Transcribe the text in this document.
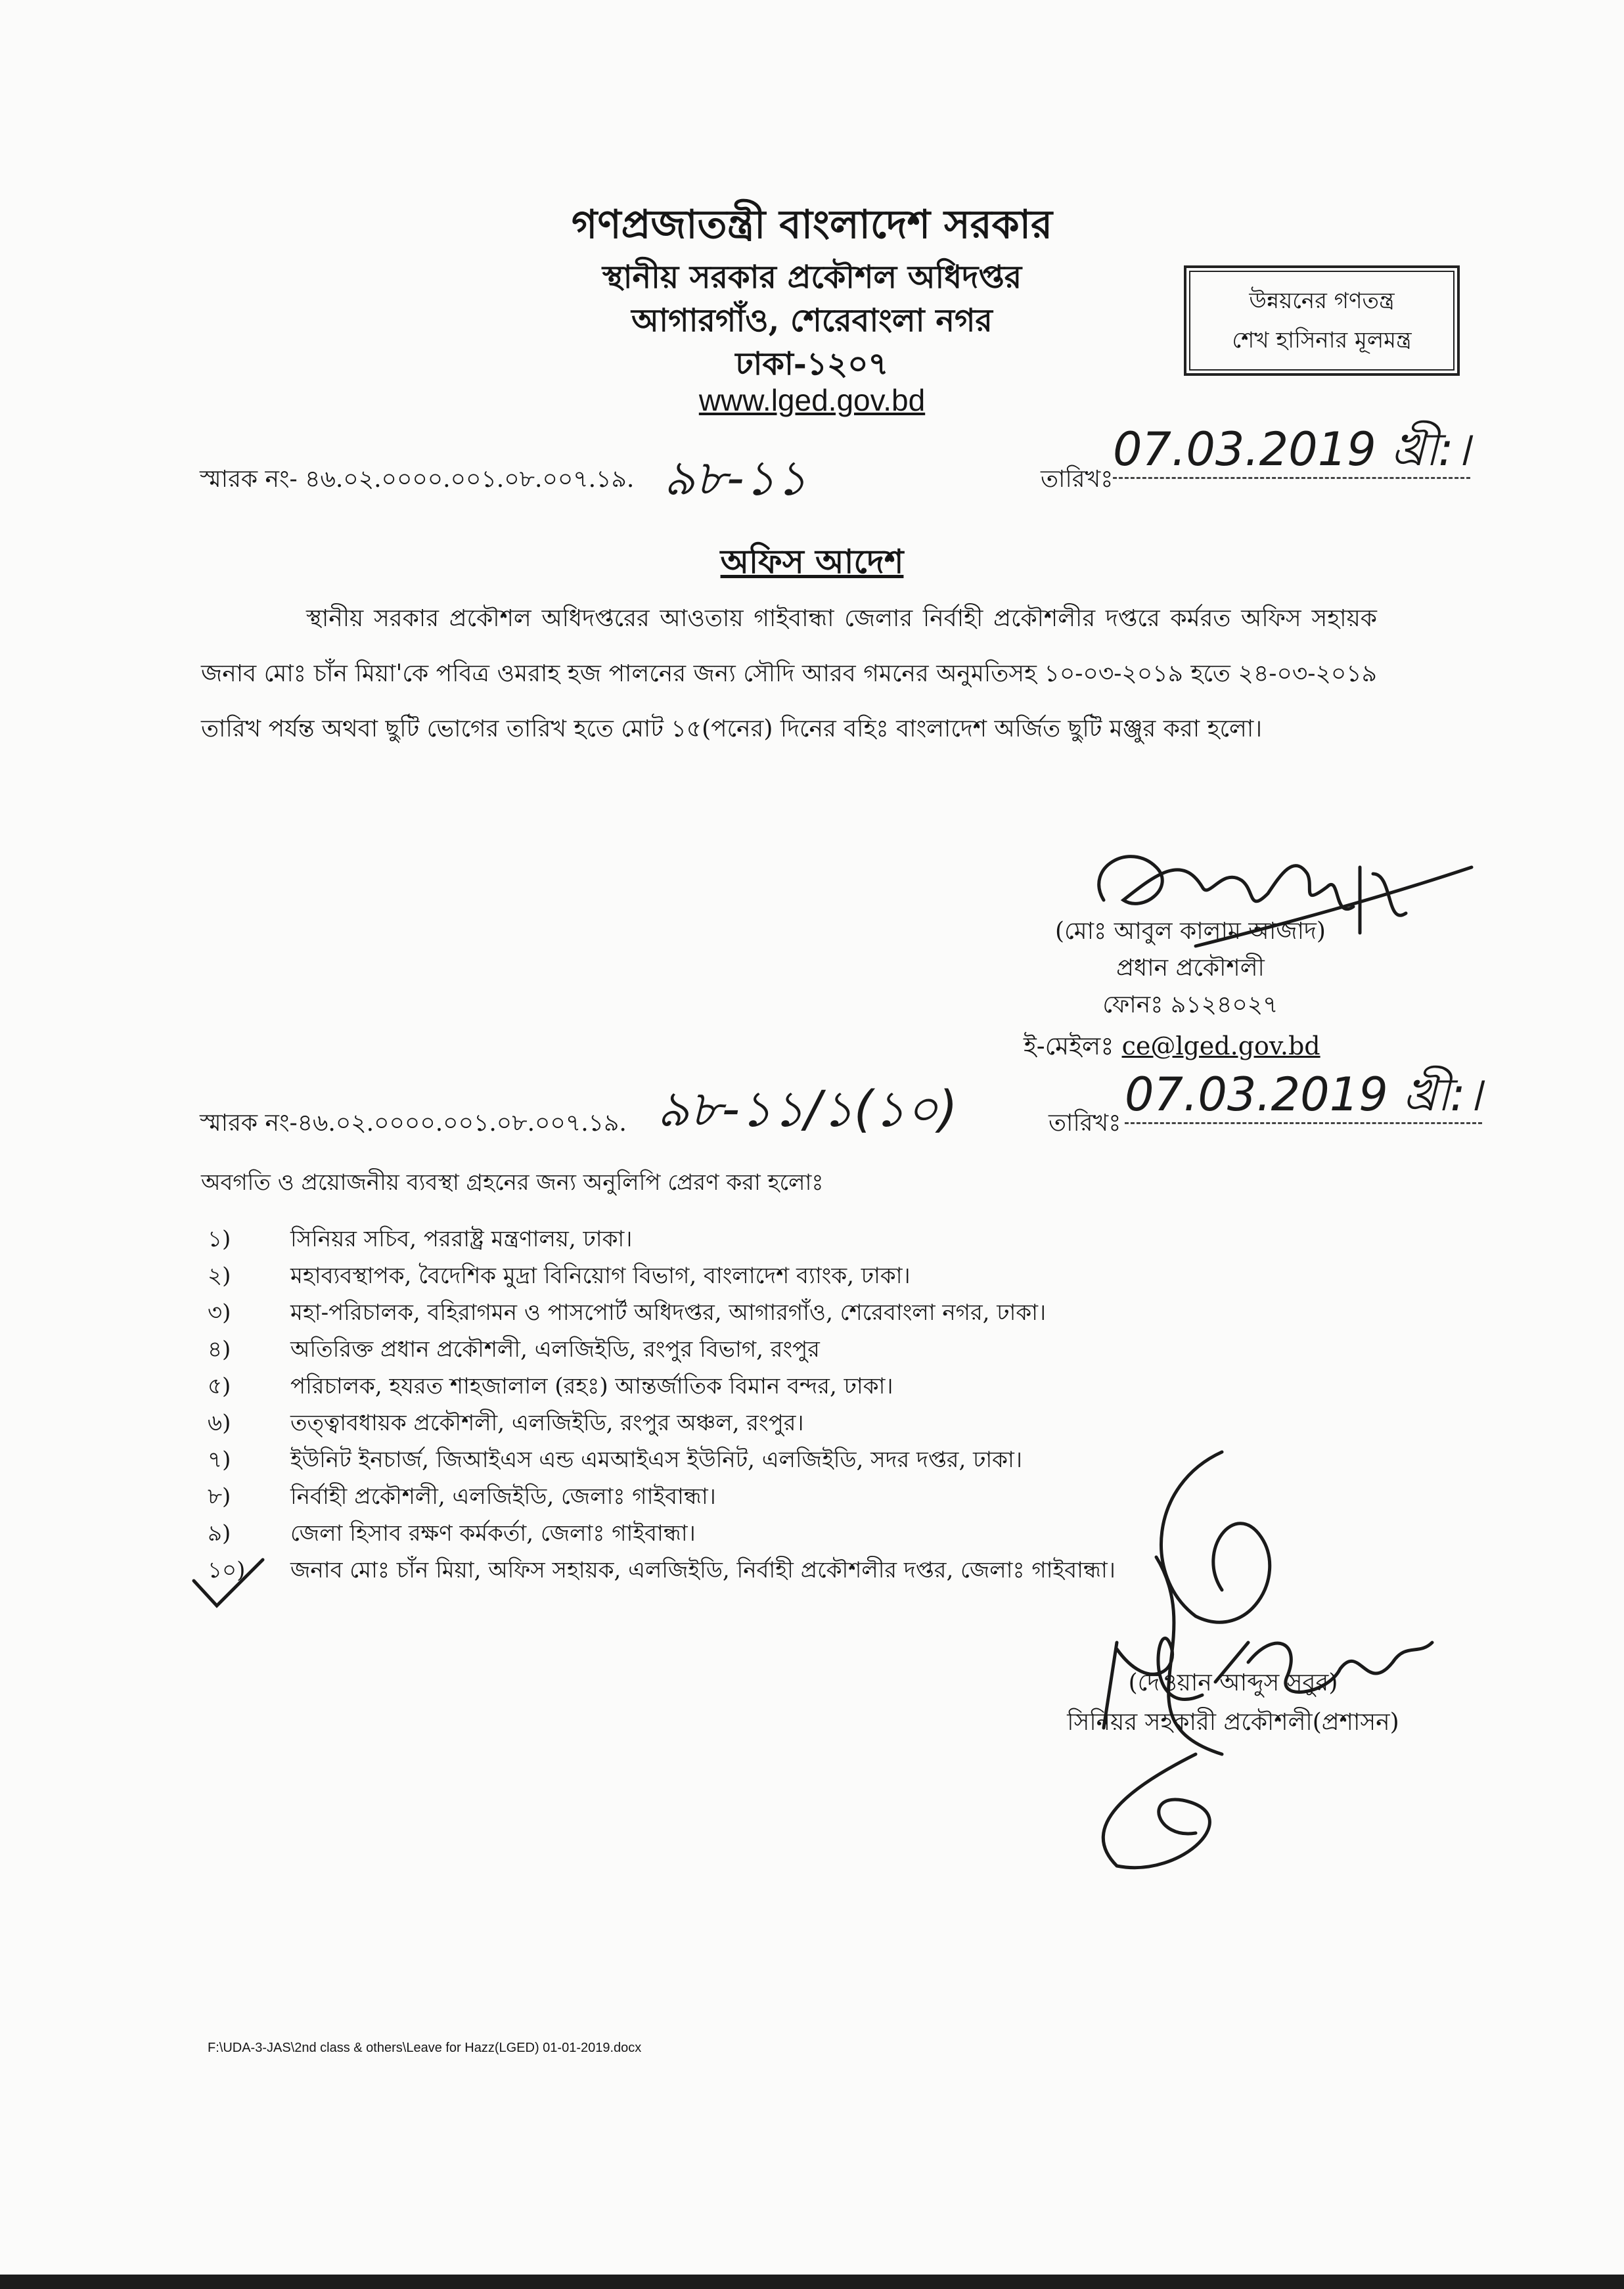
গণপ্রজাতন্ত্রী বাংলাদেশ সরকার
স্থানীয় সরকার প্রকৌশল অধিদপ্তর
আগারগাঁও, শেরেবাংলা নগর
ঢাকা-১২০৭
www.lged.gov.bd
উন্নয়নের গণতন্ত্র
শেখ হাসিনার মূলমন্ত্র
স্মারক নং- ৪৬.০২.০০০০.০০১.০৮.০০৭.১৯. ৯৮-১১	তারিখঃ
07.03.2019 খ্রী:।
অফিস আদেশ
স্থানীয় সরকার প্রকৌশল অধিদপ্তরের আওতায় গাইবান্ধা জেলার নির্বাহী প্রকৌশলীর দপ্তরে কর্মরত অফিস সহায়ক জনাব মোঃ চাঁন মিয়া'কে পবিত্র ওমরাহ হজ পালনের জন্য সৌদি আরব গমনের অনুমতিসহ ১০-০৩-২০১৯ হতে ২৪-০৩-২০১৯ তারিখ পর্যন্ত অথবা ছুটি ভোগের তারিখ হতে মোট ১৫(পনের) দিনের বহিঃ বাংলাদেশ অর্জিত ছুটি মঞ্জুর করা হলো।
(মোঃ আবুল কালাম আজাদ)
প্রধান প্রকৌশলী
ফোনঃ ৯১২৪০২৭
ই-মেইলঃ ce@lged.gov.bd
স্মারক নং-৪৬.০২.০০০০.০০১.০৮.০০৭.১৯. ৯৮-১১/১(১০)	তারিখঃ
07.03.2019 খ্রী:।
অবগতি ও প্রয়োজনীয় ব্যবস্থা গ্রহনের জন্য অনুলিপি প্রেরণ করা হলোঃ
১)	সিনিয়র সচিব, পররাষ্ট্র মন্ত্রণালয়, ঢাকা।
২)	মহাব্যবস্থাপক, বৈদেশিক মুদ্রা বিনিয়োগ বিভাগ, বাংলাদেশ ব্যাংক, ঢাকা।
৩)	মহা-পরিচালক, বহিরাগমন ও পাসপোর্ট অধিদপ্তর, আগারগাঁও, শেরেবাংলা নগর, ঢাকা।
৪)	অতিরিক্ত প্রধান প্রকৌশলী, এলজিইডি, রংপুর বিভাগ, রংপুর
৫)	পরিচালক, হযরত শাহজালাল (রহঃ) আন্তর্জাতিক বিমান বন্দর, ঢাকা।
৬)	তত্ত্বাবধায়ক প্রকৌশলী, এলজিইডি, রংপুর অঞ্চল, রংপুর।
৭)	ইউনিট ইনচার্জ, জিআইএস এন্ড এমআইএস ইউনিট, এলজিইডি, সদর দপ্তর, ঢাকা।
৮)	নির্বাহী প্রকৌশলী, এলজিইডি, জেলাঃ গাইবান্ধা।
৯)	জেলা হিসাব রক্ষণ কর্মকর্তা, জেলাঃ গাইবান্ধা।
১০)	জনাব মোঃ চাঁন মিয়া, অফিস সহায়ক, এলজিইডি, নির্বাহী প্রকৌশলীর দপ্তর, জেলাঃ গাইবান্ধা।
(দেওয়ান আব্দুস সবুর)
সিনিয়র সহকারী প্রকৌশলী(প্রশাসন)
F:\UDA-3-JAS\2nd class & others\Leave for Hazz(LGED) 01-01-2019.docx
